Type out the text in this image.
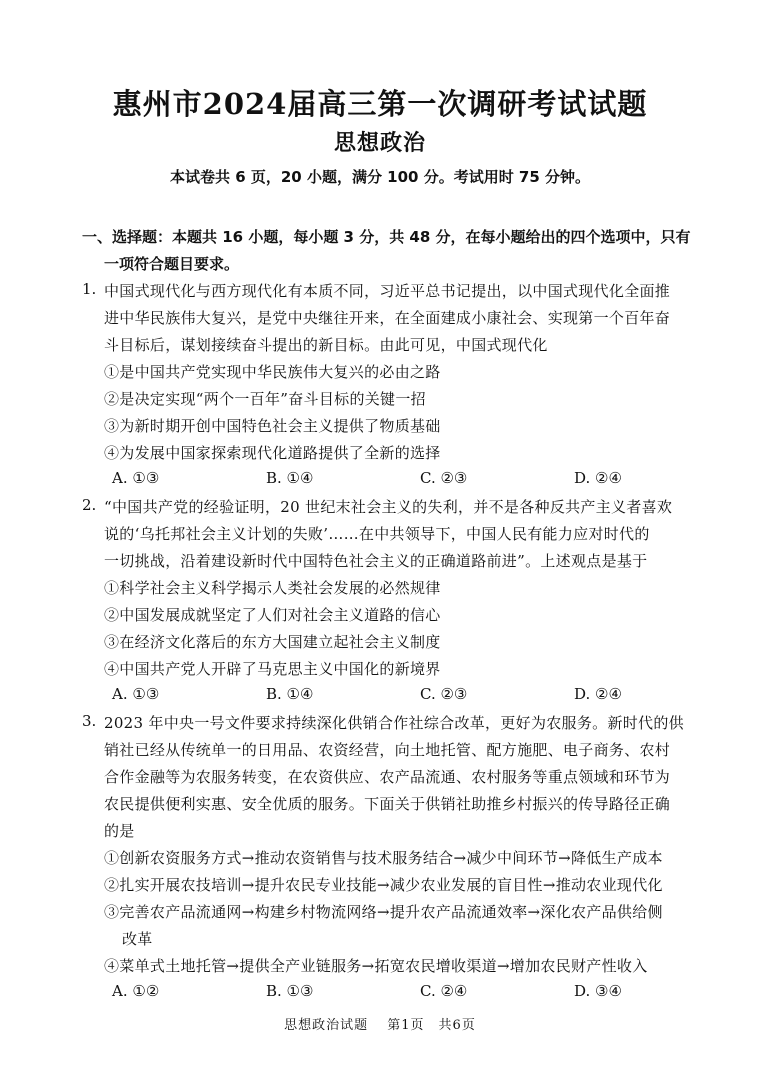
惠州市2024届高三第一次调研考试试题
思想政治
本试卷共 6 页，20 小题，满分 100 分。考试用时 75 分钟。
一、选择题：本题共 16 小题，每小题 3 分，共 48 分，在每小题给出的四个选项中，只有
一项符合题目要求。
1. 中国式现代化与西方现代化有本质不同，习近平总书记提出，以中国式现代化全面推
进中华民族伟大复兴，是党中央继往开来，在全面建成小康社会、实现第一个百年奋
斗目标后，谋划接续奋斗提出的新目标。由此可见，中国式现代化
①是中国共产党实现中华民族伟大复兴的必由之路
②是决定实现“两个一百年”奋斗目标的关键一招
③为新时期开创中国特色社会主义提供了物质基础
④为发展中国家探索现代化道路提供了全新的选择
A. ①③	B. ①④	C. ②③	D. ②④
2. “中国共产党的经验证明，20 世纪末社会主义的失利，并不是各种反共产主义者喜欢
说的‘乌托邦社会主义计划的失败’……在中共领导下，中国人民有能力应对时代的
一切挑战，沿着建设新时代中国特色社会主义的正确道路前进”。上述观点是基于
①科学社会主义科学揭示人类社会发展的必然规律
②中国发展成就坚定了人们对社会主义道路的信心
③在经济文化落后的东方大国建立起社会主义制度
④中国共产党人开辟了马克思主义中国化的新境界
A. ①③	B. ①④	C. ②③	D. ②④
3. 2023 年中央一号文件要求持续深化供销合作社综合改革，更好为农服务。新时代的供
销社已经从传统单一的日用品、农资经营，向土地托管、配方施肥、电子商务、农村
合作金融等为农服务转变，在农资供应、农产品流通、农村服务等重点领域和环节为
农民提供便利实惠、安全优质的服务。下面关于供销社助推乡村振兴的传导路径正确
的是
①创新农资服务方式→推动农资销售与技术服务结合→减少中间环节→降低生产成本
②扎实开展农技培训→提升农民专业技能→减少农业发展的盲目性→推动农业现代化
③完善农产品流通网→构建乡村物流网络→提升农产品流通效率→深化农产品供给侧
改革
④菜单式土地托管→提供全产业链服务→拓宽农民增收渠道→增加农民财产性收入
A. ①②	B. ①③	C. ②④	D. ③④
思想政治试题　 第1页　共6页
